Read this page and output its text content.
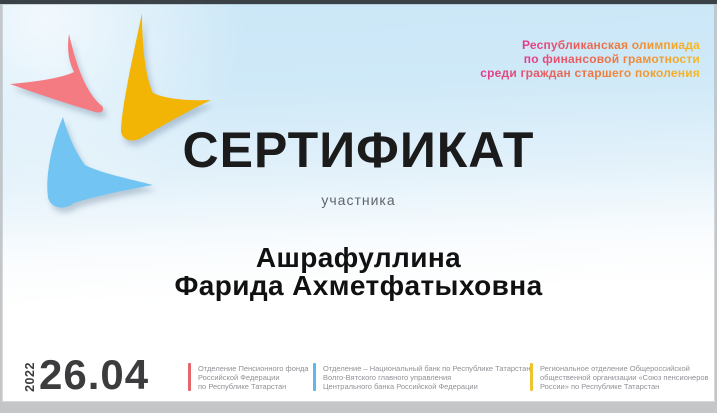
Республиканская олимпиада
по финансовой грамотности
среди граждан старшего поколения
СЕРТИФИКАТ
участника
Ашрафуллина
Фарида Ахметфатыховна
2022 26.04	Отделение Пенсионного фонда
Российской Федерации
по Республике Татарстан
Отделение – Национальный банк по Республике Татарстан
Волго-Вятского главного управления
Центрального банка Российской Федерации
Региональное отделение Общероссийской
общественной организации «Союз пенсионеров
России» по Республике Татарстан
